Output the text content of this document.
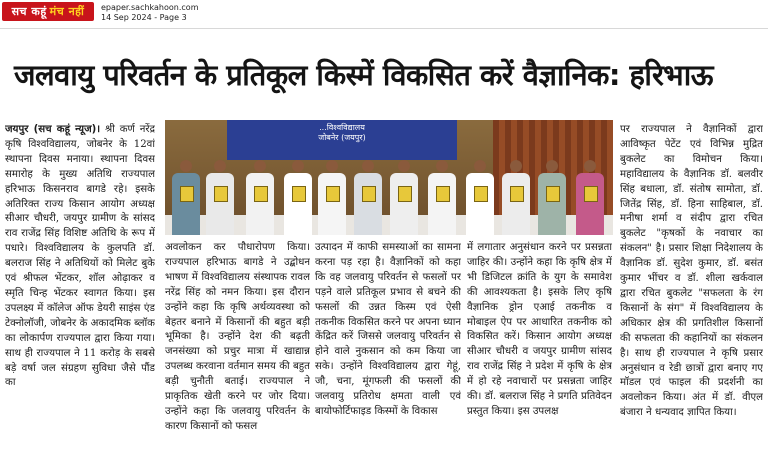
सच कहूं मंच नहीं epaper.sachkahoon.com
14 Sep 2024 - Page 3
जलवायु परिवर्तन के प्रतिकूल किस्में विकसित करें वैज्ञानिक: हरिभाऊ
जयपुर (सच कहूं न्यूज)। श्री कर्ण नरेंद्र कृषि विश्वविद्यालय, जोबनेर के 12वां स्थापना दिवस मनाया। स्थापना दिवस समारोह के मुख्य अतिथि राज्यपाल हरिभाऊ किसनराव बागडे रहे। इसके अतिरिक्त राज्य किसान आयोग अध्यक्ष सीआर चौधरी, जयपुर ग्रामीण के सांसद राव राजेंद्र सिंह विशिष्ट अतिथि के रूप में पधारे। विश्वविद्यालय के कुलपति डॉ. बलराज सिंह ने अतिथियों को मिलेट बुके एवं श्रीफल भेंटकर, शॉल ओढ़ाकर व स्मृति चिन्ह भेंटकर स्वागत किया। इस उपलक्ष्य में कॉलेज ऑफ डेयरी साइंस एंड टेक्नोलॉजी, जोबनेर के अकादमिक ब्लॉक का लोकार्पण राज्यपाल द्वारा किया गया। साथ ही राज्यपाल ने 11 करोड़ के सबसे बड़े वर्षा जल संग्रहण सुविधा जैसे पौंड का
...विश्वविद्यालय
जोबनेर (जयपुर)
अवलोकन कर पौधारोपण किया। राज्यपाल हरिभाऊ बागडे ने उद्बोधन भाषण में विश्वविद्यालय संस्थापक रावल नरेंद्र सिंह को नमन किया। इस दौरान उन्होंने कहा कि कृषि अर्थव्यवस्था को बेहतर बनाने में किसानों की बहुत बड़ी भूमिका है। उन्होंने देश की बढ़ती जनसंख्या को प्रचुर मात्रा में खाद्यान्न उपलब्ध करवाना वर्तमान समय की बहुत बड़ी चुनौती बताई। राज्यपाल ने प्राकृतिक खेती करने पर जोर दिया। उन्होंने कहा कि जलवायु परिवर्तन के कारण किसानों को फसल
उत्पादन में काफी समस्याओं का सामना करना पड़ रहा है। वैज्ञानिकों को कहा कि वह जलवायु परिवर्तन से फसलों पर पड़ने वाले प्रतिकूल प्रभाव से बचने की फसलों की उन्नत किस्म एवं ऐसी तकनीक विकसित करने पर अपना ध्यान केंद्रित करें जिससे जलवायु परिवर्तन से होने वाले नुकसान को कम किया जा सके। उन्होंने विश्वविद्यालय द्वारा गेहूं, जौ, चना, मूंगफली की फसलों की जलवायु प्रतिरोध क्षमता वाली एवं बायोफोर्टिफाइड किस्मों के विकास
में लगातार अनुसंधान करने पर प्रसन्नता जाहिर की। उन्होंने कहा कि कृषि क्षेत्र में भी डिजिटल क्रांति के युग के समावेश की आवश्यकता है। इसके लिए कृषि वैज्ञानिक ड्रोन एआई तकनीक व मोबाइल ऐप पर आधारित तकनीक को विकसित करें। किसान आयोग अध्यक्ष सीआर चौधरी व जयपुर ग्रामीण सांसद राव राजेंद्र सिंह ने प्रदेश में कृषि के क्षेत्र में हो रहे नवाचारों पर प्रसन्नता जाहिर की। डॉ. बलराज सिंह ने प्रगति प्रतिवेदन प्रस्तुत किया। इस उपलक्ष
पर राज्यपाल ने वैज्ञानिकों द्वारा आविष्कृत पेटेंट एवं विभिन्न मुद्रित बुकलेट का विमोचन किया। महाविद्यालय के वैज्ञानिक डॉ. बलवीर सिंह बधाला, डॉ. संतोष सामोता, डॉ. जितेंद्र सिंह, डॉ. हिना साहिबाल, डॉ. मनीषा शर्मा व संदीप द्वारा रचित बुकलेट "कृषकों के नवाचार का संकलन" है। प्रसार शिक्षा निदेशालय के वैज्ञानिक डॉ. सुदेश कुमार, डॉ. बसंत कुमार भींचर व डॉ. शीला खर्कवाल द्वारा रचित बुकलेट "सफलता के रंग किसानों के संग" में विश्वविद्यालय के अधिकार क्षेत्र की प्रगतिशील किसानों की सफलता की कहानियों का संकलन है। साथ ही राज्यपाल ने कृषि प्रसार अनुसंधान व रेडी छात्रों द्वारा बनाए गए मॉडल एवं फाइल की प्रदर्शनी का अवलोकन किया। अंत में डॉ. वीएल बंजारा ने धन्यवाद ज्ञापित किया।
